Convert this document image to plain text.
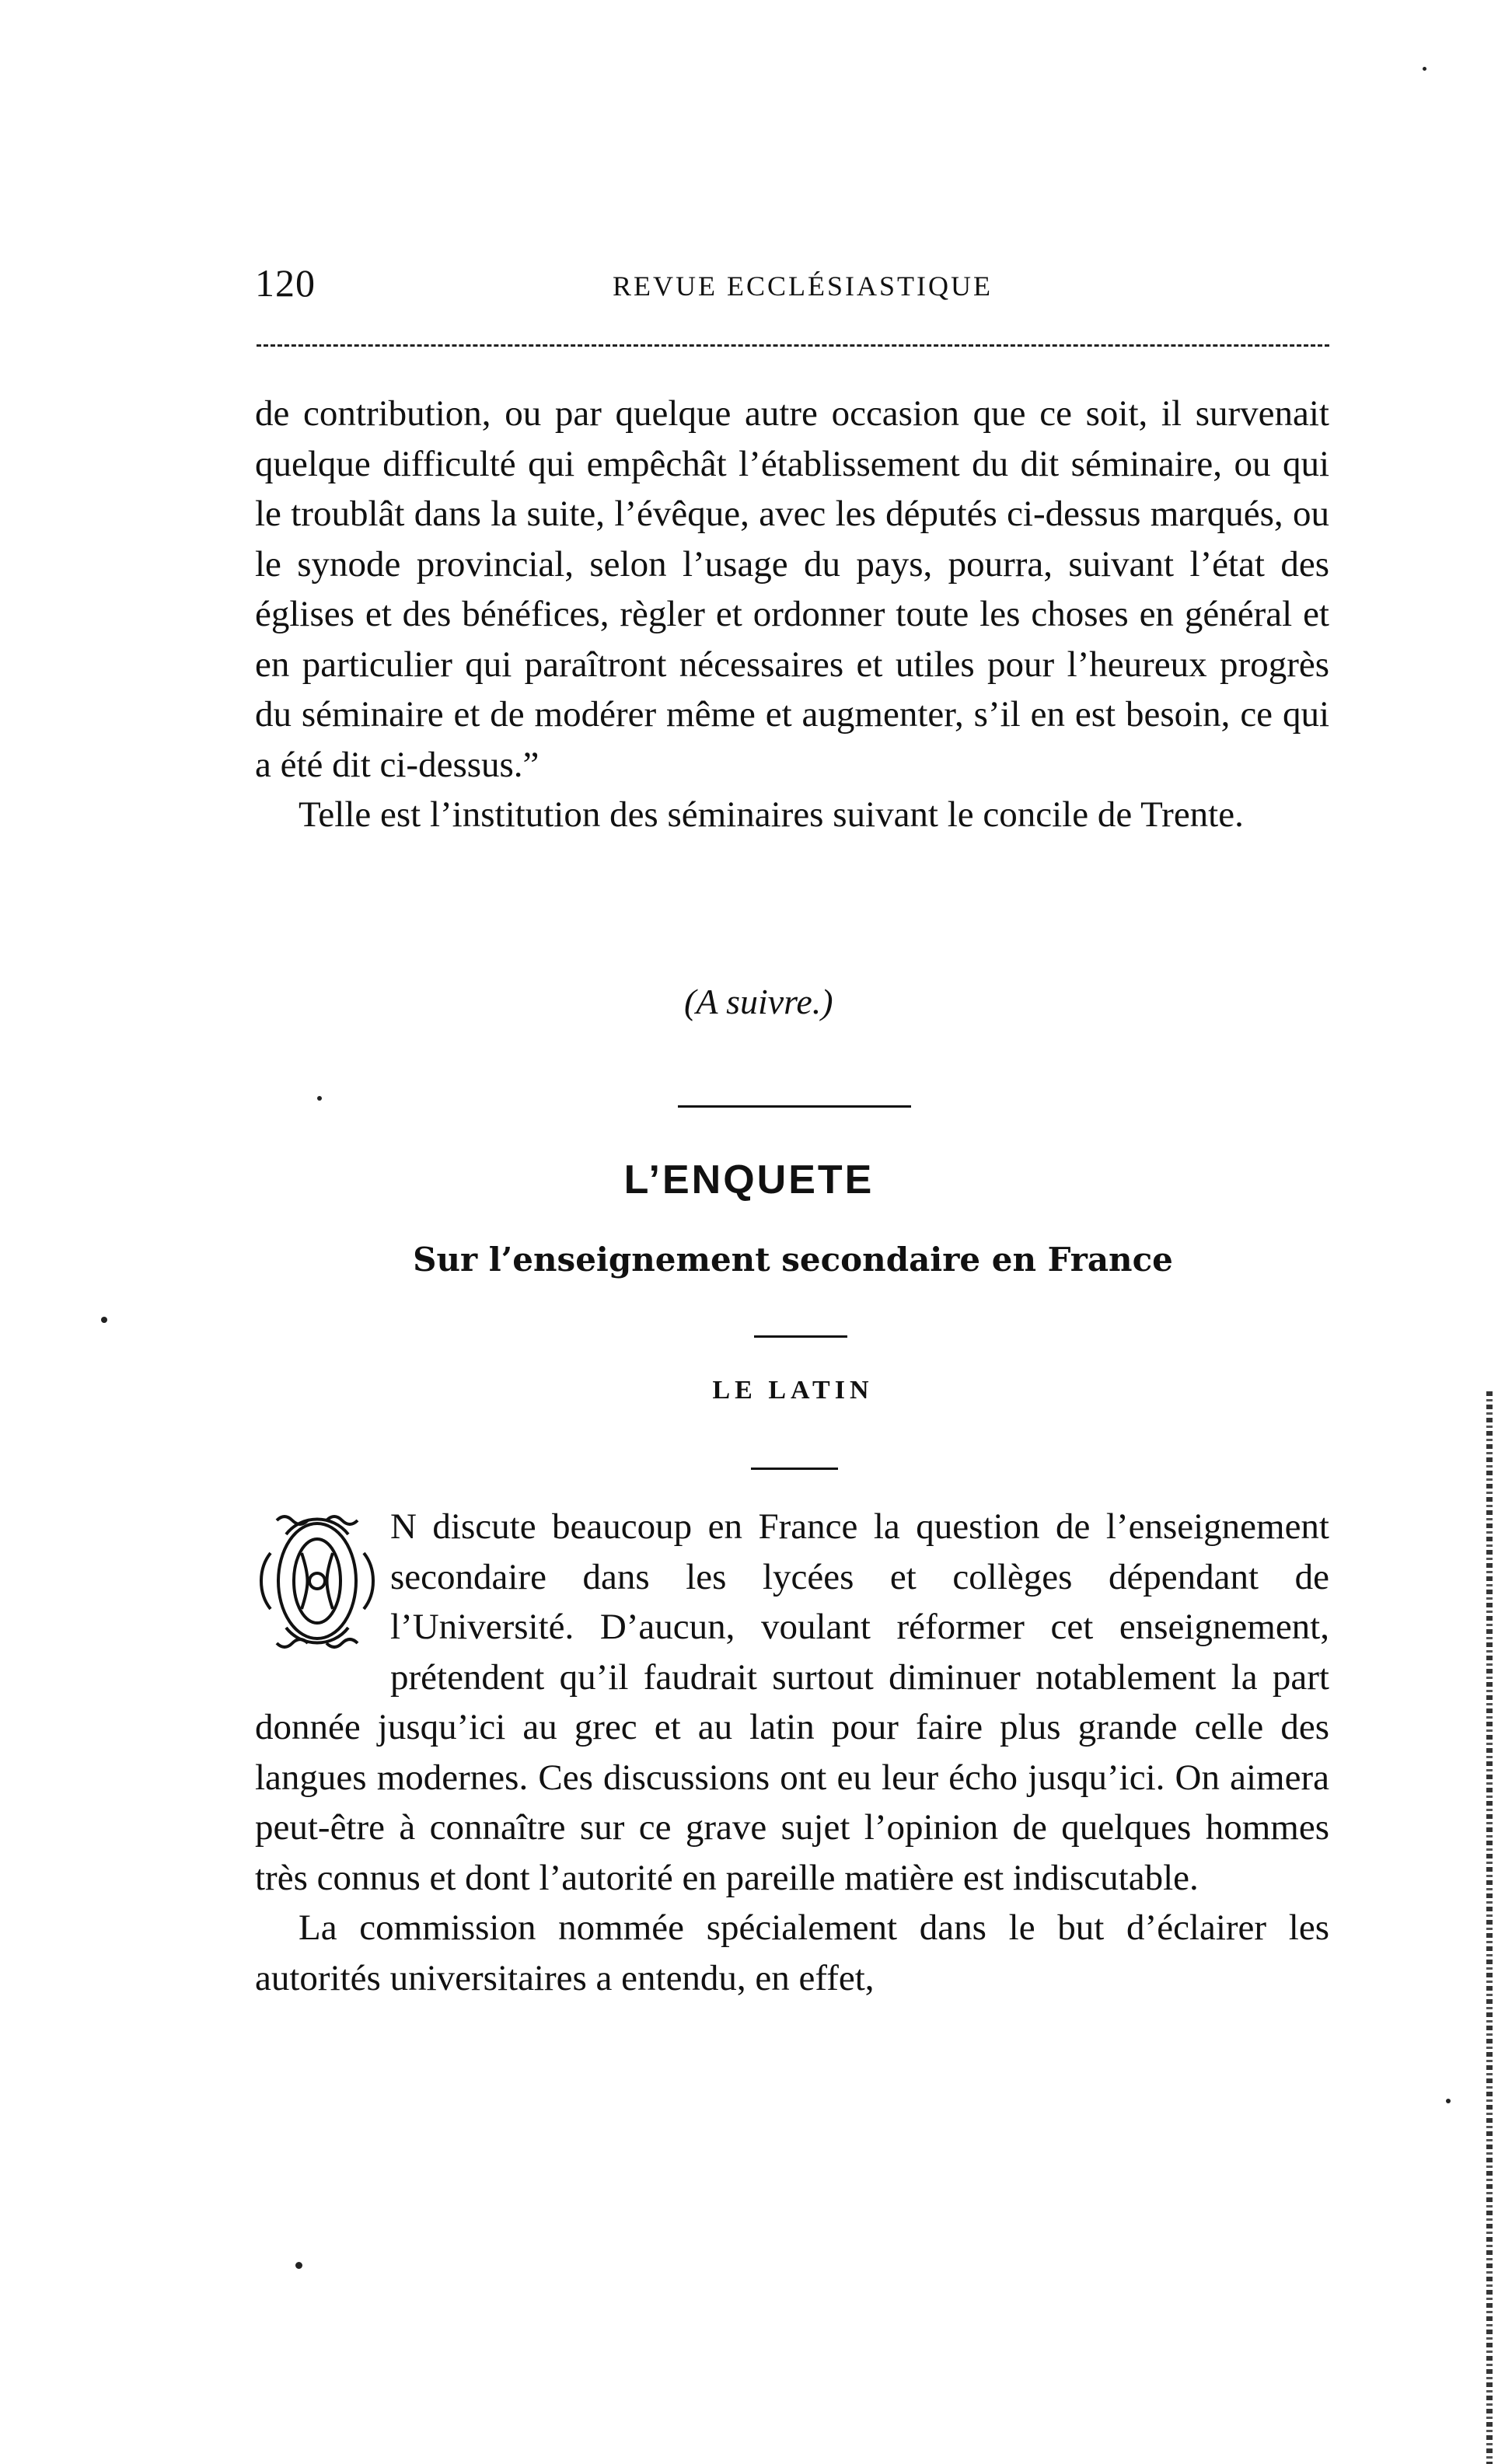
120	REVUE ECCLÉSIASTIQUE

de contribution, ou par quelque autre occasion que ce soit, il survenait quelque difficulté qui empêchât l’établissement du dit séminaire, ou qui le troublât dans la suite, l’évêque, avec les députés ci-dessus marqués, ou le synode provincial, selon l’usage du pays, pourra, suivant l’état des églises et des bénéfices, règler et ordonner toute les choses en général et en particulier qui paraîtront nécessaires et utiles pour l’heureux progrès du séminaire et de modérer même et augmenter, s’il en est besoin, ce qui a été dit ci-dessus.”

Telle est l’institution des séminaires suivant le concile de Trente.

(A suivre.)
L’ENQUETE
Sur l’enseignement secondaire en France
LE LATIN

N discute beaucoup en France la question de l’enseignement secondaire dans les lycées et collèges dépendant de l’Université. D’aucun, voulant réformer cet enseignement, prétendent qu’il faudrait surtout diminuer notablement la part donnée jusqu’ici au grec et au latin pour faire plus grande celle des langues modernes. Ces discussions ont eu leur écho jusqu’ici. On aimera peut-être à connaître sur ce grave sujet l’opinion de quelques hommes très connus et dont l’autorité en pareille matière est indiscutable.

La commission nommée spécialement dans le but d’éclairer les autorités universitaires a entendu, en effet,
